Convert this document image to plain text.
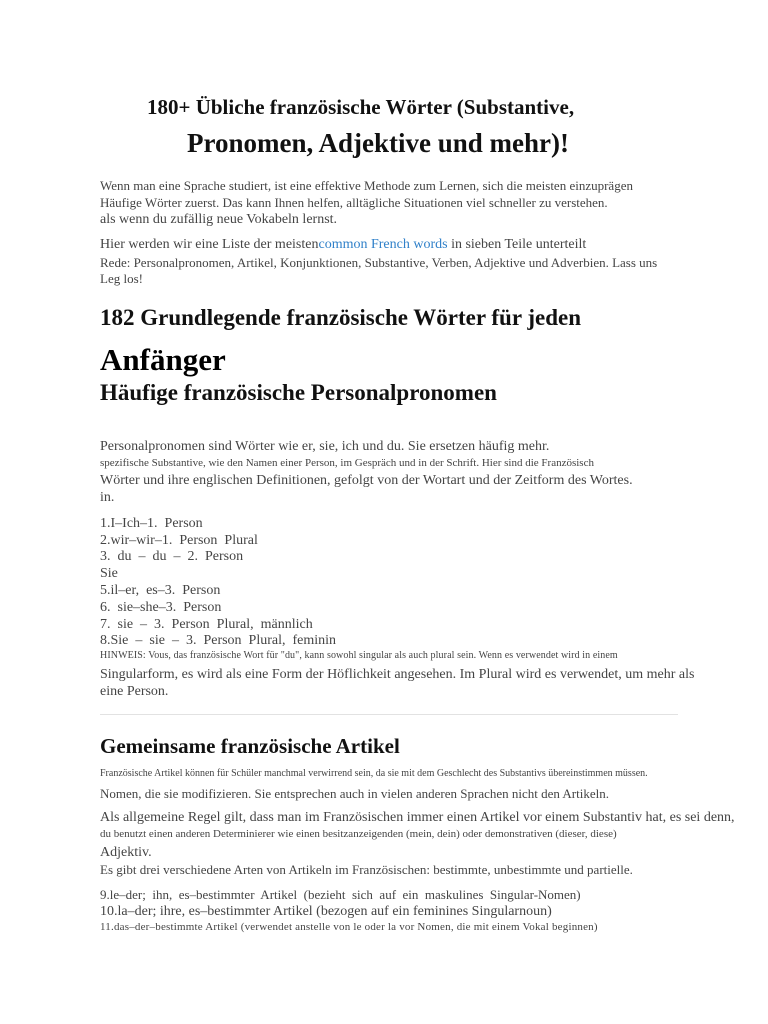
180+ Übliche französische Wörter (Substantive,
Pronomen, Adjektive und mehr)!
Wenn man eine Sprache studiert, ist eine effektive Methode zum Lernen, sich die meisten einzuprägen
Häufige Wörter zuerst. Das kann Ihnen helfen, alltägliche Situationen viel schneller zu verstehen.
als wenn du zufällig neue Vokabeln lernst.
Hier werden wir eine Liste der meistencommon French words in sieben Teile unterteilt
Rede: Personalpronomen, Artikel, Konjunktionen, Substantive, Verben, Adjektive und Adverbien. Lass uns
Leg los!
182 Grundlegende französische Wörter für jeden
Anfänger
Häufige französische Personalpronomen
Personalpronomen sind Wörter wie er, sie, ich und du. Sie ersetzen häufig mehr.
spezifische Substantive, wie den Namen einer Person, im Gespräch und in der Schrift. Hier sind die Französisch
Wörter und ihre englischen Definitionen, gefolgt von der Wortart und der Zeitform des Wortes.
in.
1.I–Ich–1.  Person
2.wir–wir–1.  Person  Plural
3.  du  –  du  –  2.  Person
Sie
5.il–er,  es–3.  Person
6.  sie–she–3.  Person
7.  sie  –  3.  Person  Plural,  männlich
8.Sie  –  sie  –  3.  Person  Plural,  feminin
HINWEIS: Vous, das französische Wort für "du", kann sowohl singular als auch plural sein. Wenn es verwendet wird in einem
Singularform, es wird als eine Form der Höflichkeit angesehen. Im Plural wird es verwendet, um mehr als
eine Person.
Gemeinsame französische Artikel
Französische Artikel können für Schüler manchmal verwirrend sein, da sie mit dem Geschlecht des Substantivs übereinstimmen müssen.
Nomen, die sie modifizieren. Sie entsprechen auch in vielen anderen Sprachen nicht den Artikeln.
Als allgemeine Regel gilt, dass man im Französischen immer einen Artikel vor einem Substantiv hat, es sei denn,
du benutzt einen anderen Determinierer wie einen besitzanzeigenden (mein, dein) oder demonstrativen (dieser, diese)
Adjektiv.
Es gibt drei verschiedene Arten von Artikeln im Französischen: bestimmte, unbestimmte und partielle.
9.le–der;  ihn,  es–bestimmter  Artikel  (bezieht  sich  auf  ein  maskulines  Singular-Nomen)
10.la–der; ihre, es–bestimmter Artikel (bezogen auf ein feminines Singularnoun)
11.das–der–bestimmte Artikel (verwendet anstelle von le oder la vor Nomen, die mit einem Vokal beginnen)
